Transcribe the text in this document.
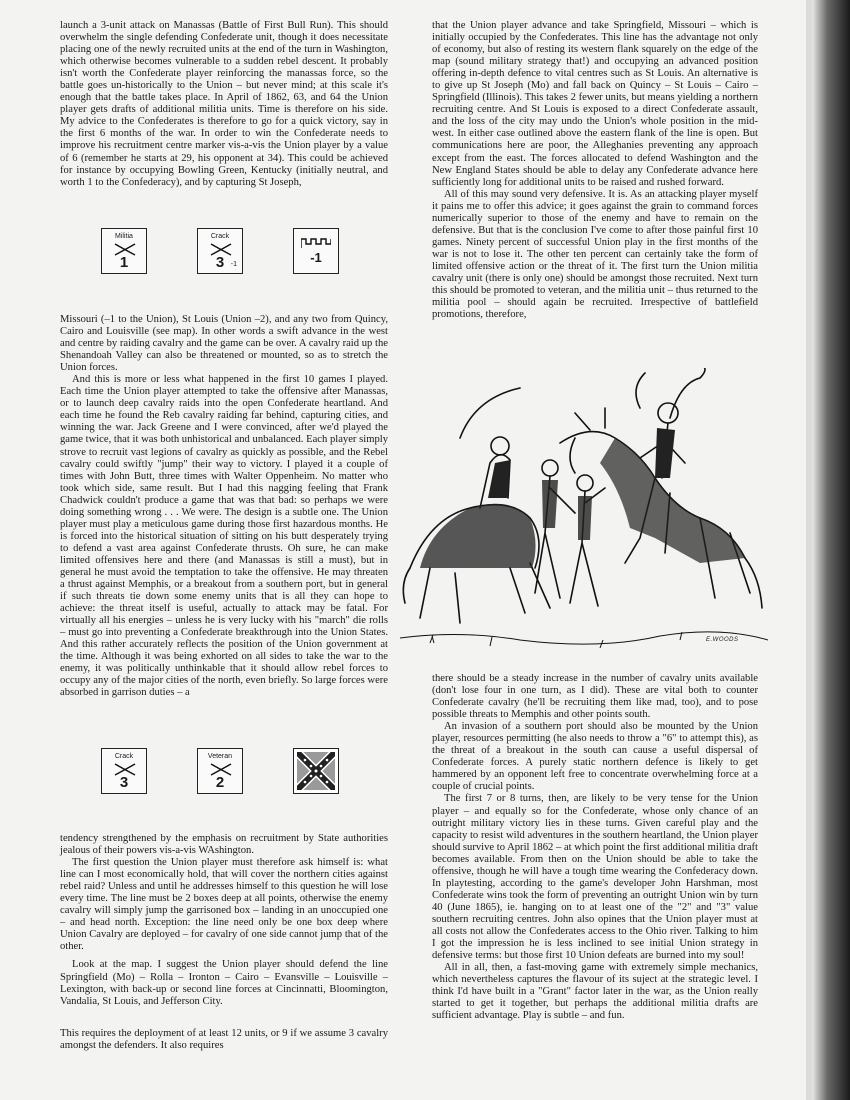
launch a 3-unit attack on Manassas (Battle of First Bull Run). This should overwhelm the single defending Confederate unit, though it does necessitate placing one of the newly recruited units at the end of the turn in Washington, which otherwise becomes vulnerable to a sudden rebel descent. It probably isn't worth the Confederate player reinforcing the manassas force, so the battle goes un-historically to the Union – but never mind; at this scale it's enough that the battle takes place. In April of 1862, 63, and 64 the Union player gets drafts of additional militia units. Time is therefore on his side. My advice to the Confederates is therefore to go for a quick victory, say in the first 6 months of the war. In order to win the Confederate needs to improve his recruitment centre marker vis-a-vis the Union player by a value of 6 (remember he starts at 29, his opponent at 34). This could be achieved for instance by occupying Bowling Green, Kentucky (initially neutral, and worth 1 to the Confederacy), and by capturing St Joseph,

Militia
1
Crack
3 -1	-1

Missouri (–1 to the Union), St Louis (Union –2), and any two from Quincy, Cairo and Louisville (see map). In other words a swift advance in the west and centre by raiding cavalry and the game can be over. A cavalry raid up the Shenandoah Valley can also be threatened or mounted, so as to stretch the Union forces.

And this is more or less what happened in the first 10 games I played. Each time the Union player attempted to take the offensive after Manassas, or to launch deep cavalry raids into the open Confederate heartland. And each time he found the Reb cavalry raiding far behind, capturing cities, and winning the war. Jack Greene and I were convinced, after we'd played the game twice, that it was both unhistorical and unbalanced. Each player simply strove to recruit vast legions of cavalry as quickly as possible, and the Rebel cavalry could swiftly "jump" their way to victory. I played it a couple of times with John Butt, three times with Walter Oppenheim. No matter who took which side, same result. But I had this nagging feeling that Frank Chadwick couldn't produce a game that was that bad: so perhaps we were doing something wrong . . . We were. The design is a subtle one. The Union player must play a meticulous game during those first hazardous months. He is forced into the historical situation of sitting on his butt desperately trying to defend a vast area against Confederate thrusts. Oh sure, he can make limited offensives here and there (and Manassas is still a must), but in general he must avoid the temptation to take the offensive. He may threaten a thrust against Memphis, or a breakout from a southern port, but in general if such threats tie down some enemy units that is all they can hope to achieve: the threat itself is useful, actually to attack may be fatal. For virtually all his energies – unless he is very lucky with his "march" die rolls – must go into preventing a Confederate breakthrough into the Union States. And this rather accurately reflects the position of the Union government at the time. Although it was being exhorted on all sides to take the war to the enemy, it was politically unthinkable that it should allow rebel forces to occupy any of the major cities of the north, even briefly. So large forces were absorbed in garrison duties – a

Crack
3
Veteran
2

tendency strengthened by the emphasis on recruitment by State authorities jealous of their powers vis-a-vis WAshington.

The first question the Union player must therefore ask himself is: what line can I most economically hold, that will cover the northern cities against rebel raid? Unless and until he addresses himself to this question he will lose every time. The line must be 2 boxes deep at all points, otherwise the enemy cavalry will simply jump the garrisoned box – landing in an unoccupied one – and head north. Exception: the line need only be one box deep where Union Cavalry are deployed – for cavalry of one side cannot jump that of the other.

Look at the map. I suggest the Union player should defend the line Springfield (Mo) – Rolla – Ironton – Cairo – Evansville – Louisville – Lexington, with back-up or second line forces at Cincinnatti, Bloomington, Vandalia, St Louis, and Jefferson City.

This requires the deployment of at least 12 units, or 9 if we assume 3 cavalry amongst the defenders. It also requires

that the Union player advance and take Springfield, Missouri – which is initially occupied by the Confederates. This line has the advantage not only of economy, but also of resting its western flank squarely on the edge of the map (sound military strategy that!) and occupying an advanced position offering in-depth defence to vital centres such as St Louis. An alternative is to give up St Joseph (Mo) and fall back on Quincy – St Louis – Cairo – Springfield (Illinois). This takes 2 fewer units, but means yielding a northern recruiting centre. And St Louis is exposed to a direct Confederate assault, and the loss of the city may undo the Union's whole position in the mid-west. In either case outlined above the eastern flank of the line is open. But communications here are poor, the Alleghanies preventing any approach except from the east. The forces allocated to defend Washington and the New England States should be able to delay any Confederate advance here sufficiently long for additional units to be raised and rushed forward.

All of this may sound very defensive. It is. As an attacking player myself it pains me to offer this advice; it goes against the grain to command forces numerically superior to those of the enemy and have to remain on the defensive. But that is the conclusion I've come to after those painful first 10 games. Ninety percent of successful Union play in the first months of the war is not to lose it. The other ten percent can certainly take the form of limited offensive action or the threat of it. The first turn the Union militia cavalry unit (there is only one) should be amongst those recruited. Next turn this should be promoted to veteran, and the militia unit – thus returned to the militia pool – should again be recruited. Irrespective of battlefield promotions, therefore,

E.WOODS

there should be a steady increase in the number of cavalry units available (don't lose four in one turn, as I did). These are vital both to counter Confederate cavalry (he'll be recruiting them like mad, too), and to pose possible threats to Memphis and other points south.

An invasion of a southern port should also be mounted by the Union player, resources permitting (he also needs to throw a "6" to attempt this), as the threat of a breakout in the south can cause a useful dispersal of Confederate forces. A purely static northern defence is likely to get hammered by an opponent left free to concentrate overwhelming force at a couple of crucial points.

The first 7 or 8 turns, then, are likely to be very tense for the Union player – and equally so for the Confederate, whose only chance of an outright military victory lies in these turns. Given careful play and the capacity to resist wild adventures in the southern heartland, the Union player should survive to April 1862 – at which point the first additional militia draft becomes available. From then on the Union should be able to take the offensive, though he will have a tough time wearing the Confederacy down. In playtesting, according to the game's developer John Harshman, most Confederate wins took the form of preventing an outright Union win by turn 40 (June 1865), ie. hanging on to at least one of the "2" and "3" value southern recruiting centres. John also opines that the Union player must at all costs not allow the Confederates access to the Ohio river. Talking to him I got the impression he is less inclined to see initial Union strategy in defensive terms: but those first 10 Union defeats are burned into my soul!

All in all, then, a fast-moving game with extremely simple mechanics, which nevertheless captures the flavour of its suject at the strategic level. I think I'd have built in a "Grant" factor later in the war, as the Union really started to get it together, but perhaps the additional militia drafts are sufficient advantage. Play is subtle – and fun.
